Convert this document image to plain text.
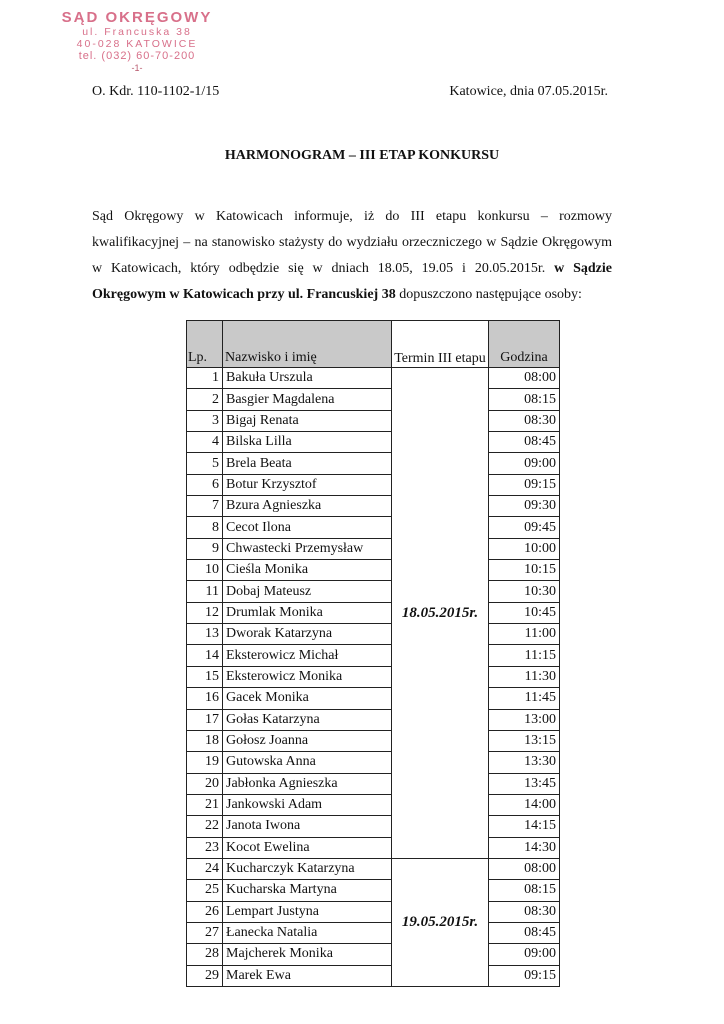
SĄD OKRĘGOWY
ul. Francuska 38
40-028 KATOWICE
tel. (032) 60-70-200
-1-
O. Kdr. 110-1102-1/15	Katowice, dnia 07.05.2015r.
HARMONOGRAM – III ETAP KONKURSU

Sąd Okręgowy w Katowicach informuje, iż do III etapu konkursu – rozmowy kwalifikacyjnej – na stanowisko stażysty do wydziału orzeczniczego w Sądzie Okręgowym w Katowicach, który odbędzie się w dniach 18.05, 19.05 i 20.05.2015r. w Sądzie Okręgowym w Katowicach przy ul. Francuskiej 38 dopuszczono następujące osoby:

Lp.	Nazwisko i imię	Termin III etapu	Godzina
1	Bakuła Urszula	18.05.2015r.	08:00
2	Basgier Magdalena		08:15
3	Bigaj Renata		08:30
4	Bilska Lilla		08:45
5	Brela Beata		09:00
6	Botur Krzysztof		09:15
7	Bzura Agnieszka		09:30
8	Cecot Ilona		09:45
9	Chwastecki Przemysław		10:00
10	Cieśla Monika		10:15
11	Dobaj Mateusz		10:30
12	Drumlak Monika		10:45
13	Dworak Katarzyna		11:00
14	Eksterowicz Michał		11:15
15	Eksterowicz Monika		11:30
16	Gacek Monika		11:45
17	Gołas Katarzyna		13:00
18	Gołosz Joanna		13:15
19	Gutowska Anna		13:30
20	Jabłonka Agnieszka		13:45
21	Jankowski Adam		14:00
22	Janota Iwona		14:15
23	Kocot Ewelina		14:30
24	Kucharczyk Katarzyna	19.05.2015r.	08:00
25	Kucharska Martyna		08:15
26	Lempart Justyna		08:30
27	Łanecka Natalia		08:45
28	Majcherek Monika		09:00
29	Marek Ewa		09:15
